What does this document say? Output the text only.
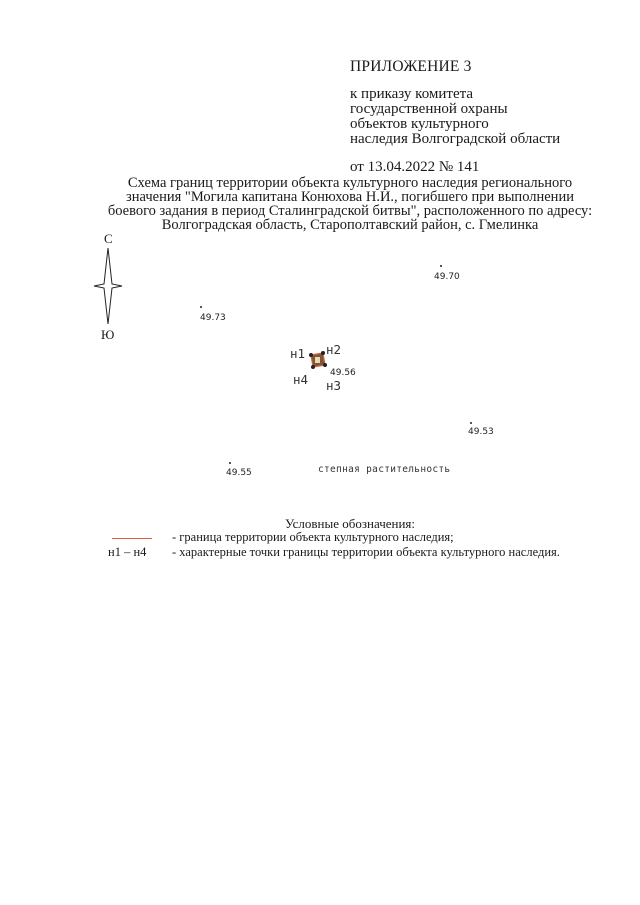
ПРИЛОЖЕНИЕ 3
к приказу комитета
государственной охраны
объектов культурного
наследия Волгоградской области
от 13.04.2022 № 141
Схема границ территории объекта культурного наследия регионального
значения "Могила капитана Конюхова Н.И., погибшего при выполнении
боевого задания в период Сталинградской битвы", расположенного по адресу:
Волгоградская область, Старополтавский район, с. Гмелинка
С
Ю
49.70
49.73
49.56
49.53
49.55
н1 н2
н3
н4
степная растительность
Условные обозначения:
- граница территории объекта культурного наследия;
н1 – н4 - характерные точки границы территории объекта культурного наследия.
